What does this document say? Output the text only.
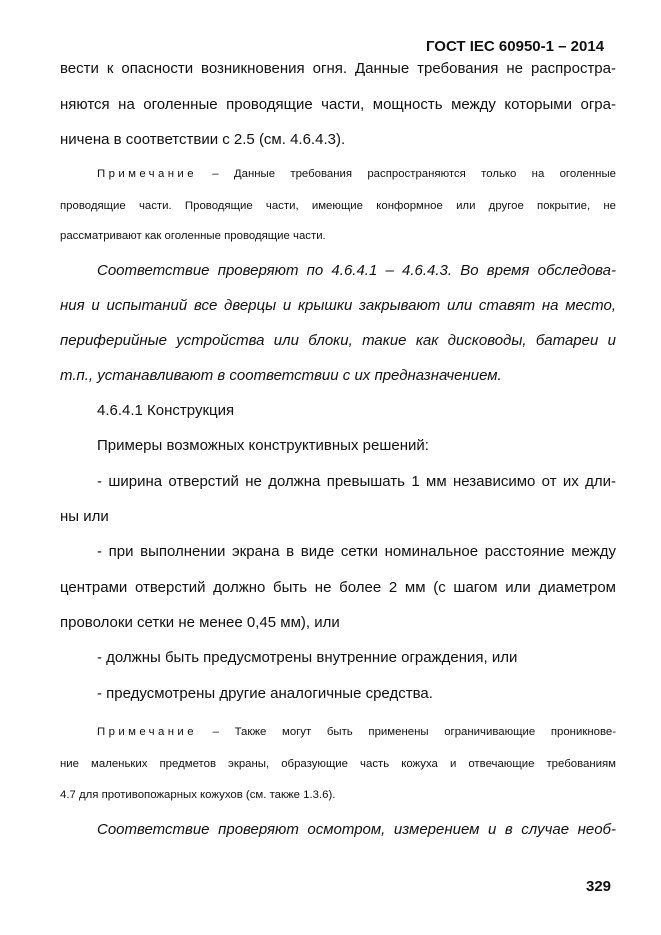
ГОСТ IEC 60950-1 – 2014
вести к опасности возникновения огня. Данные требования не распростра-
няются на оголенные проводящие части, мощность между которыми огра-
ничена в соответствии с 2.5 (см. 4.6.4.3).
Примечание – Данные требования распространяются только на оголенные
проводящие части. Проводящие части, имеющие конформное или другое покрытие, не
рассматривают как оголенные проводящие части.
Соответствие проверяют по 4.6.4.1 – 4.6.4.3. Во время обследова-
ния и испытаний все дверцы и крышки закрывают или ставят на место,
периферийные устройства или блоки, такие как дисководы, батареи и
т.п., устанавливают в соответствии с их предназначением.
4.6.4.1 Конструкция
Примеры возможных конструктивных решений:
- ширина отверстий не должна превышать 1 мм независимо от их дли-
ны или
- при выполнении экрана в виде сетки номинальное расстояние между
центрами отверстий должно быть не более 2 мм (с шагом или диаметром
проволоки сетки не менее 0,45 мм), или
- должны быть предусмотрены внутренние ограждения, или
- предусмотрены другие аналогичные средства.
Примечание – Также могут быть применены ограничивающие проникнове-
ние маленьких предметов экраны, образующие часть кожуха и отвечающие требованиям
4.7 для противопожарных кожухов (см. также 1.3.6).
Соответствие проверяют осмотром, измерением и в случае необ-
329
